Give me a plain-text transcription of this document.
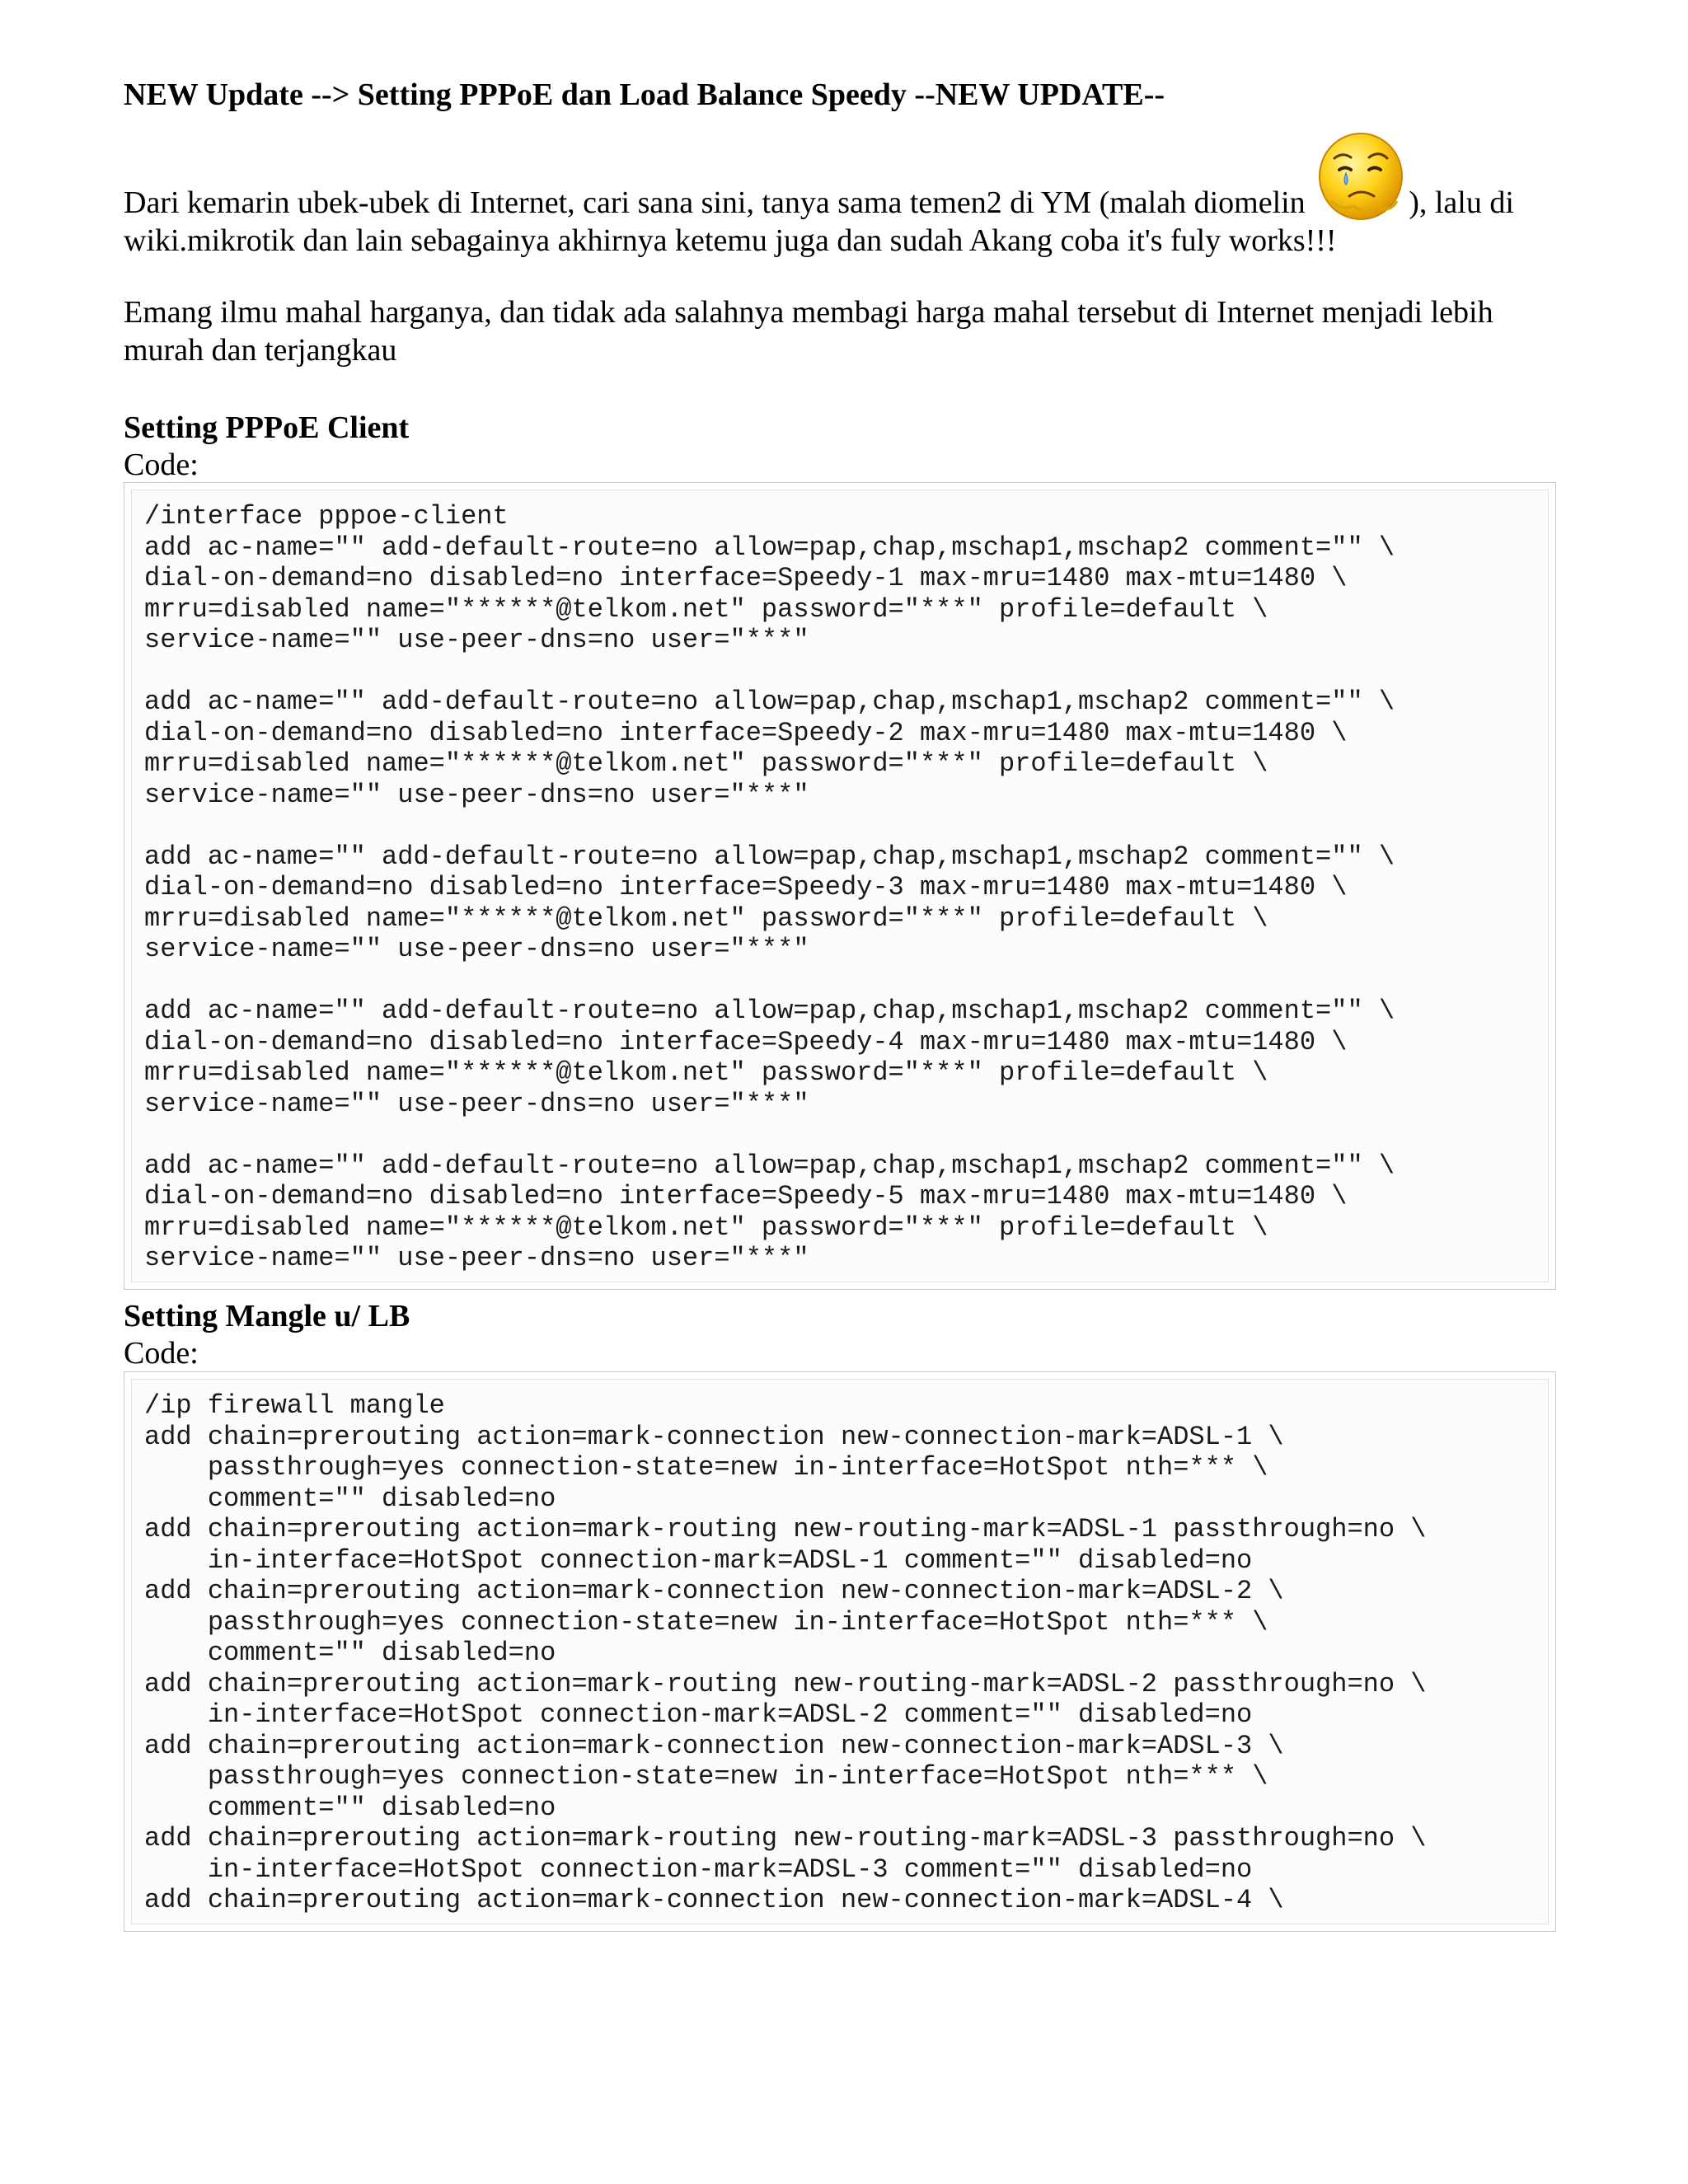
NEW Update --> Setting PPPoE dan Load Balance Speedy --NEW UPDATE--
Dari kemarin ubek-ubek di Internet, cari sana sini, tanya sama temen2 di YM (malah diomelin	), lalu di wiki.mikrotik dan lain sebagainya akhirnya ketemu juga dan sudah Akang coba it's fuly works!!!
Emang ilmu mahal harganya, dan tidak ada salahnya membagi harga mahal tersebut di Internet menjadi lebih murah dan terjangkau
Setting PPPoE Client
Code:
/interface pppoe-client
add ac-name="" add-default-route=no allow=pap,chap,mschap1,mschap2 comment="" \
dial-on-demand=no disabled=no interface=Speedy-1 max-mru=1480 max-mtu=1480 \
mrru=disabled name="******@telkom.net" password="***" profile=default \
service-name="" use-peer-dns=no user="***"

add ac-name="" add-default-route=no allow=pap,chap,mschap1,mschap2 comment="" \
dial-on-demand=no disabled=no interface=Speedy-2 max-mru=1480 max-mtu=1480 \
mrru=disabled name="******@telkom.net" password="***" profile=default \
service-name="" use-peer-dns=no user="***"

add ac-name="" add-default-route=no allow=pap,chap,mschap1,mschap2 comment="" \
dial-on-demand=no disabled=no interface=Speedy-3 max-mru=1480 max-mtu=1480 \
mrru=disabled name="******@telkom.net" password="***" profile=default \
service-name="" use-peer-dns=no user="***"

add ac-name="" add-default-route=no allow=pap,chap,mschap1,mschap2 comment="" \
dial-on-demand=no disabled=no interface=Speedy-4 max-mru=1480 max-mtu=1480 \
mrru=disabled name="******@telkom.net" password="***" profile=default \
service-name="" use-peer-dns=no user="***"

add ac-name="" add-default-route=no allow=pap,chap,mschap1,mschap2 comment="" \
dial-on-demand=no disabled=no interface=Speedy-5 max-mru=1480 max-mtu=1480 \
mrru=disabled name="******@telkom.net" password="***" profile=default \
service-name="" use-peer-dns=no user="***"
Setting Mangle u/ LB
Code:
/ip firewall mangle
add chain=prerouting action=mark-connection new-connection-mark=ADSL-1 \
passthrough=yes connection-state=new in-interface=HotSpot nth=*** \
comment="" disabled=no
add chain=prerouting action=mark-routing new-routing-mark=ADSL-1 passthrough=no \
in-interface=HotSpot connection-mark=ADSL-1 comment="" disabled=no
add chain=prerouting action=mark-connection new-connection-mark=ADSL-2 \
passthrough=yes connection-state=new in-interface=HotSpot nth=*** \
comment="" disabled=no
add chain=prerouting action=mark-routing new-routing-mark=ADSL-2 passthrough=no \
in-interface=HotSpot connection-mark=ADSL-2 comment="" disabled=no
add chain=prerouting action=mark-connection new-connection-mark=ADSL-3 \
passthrough=yes connection-state=new in-interface=HotSpot nth=*** \
comment="" disabled=no
add chain=prerouting action=mark-routing new-routing-mark=ADSL-3 passthrough=no \
in-interface=HotSpot connection-mark=ADSL-3 comment="" disabled=no
add chain=prerouting action=mark-connection new-connection-mark=ADSL-4 \
